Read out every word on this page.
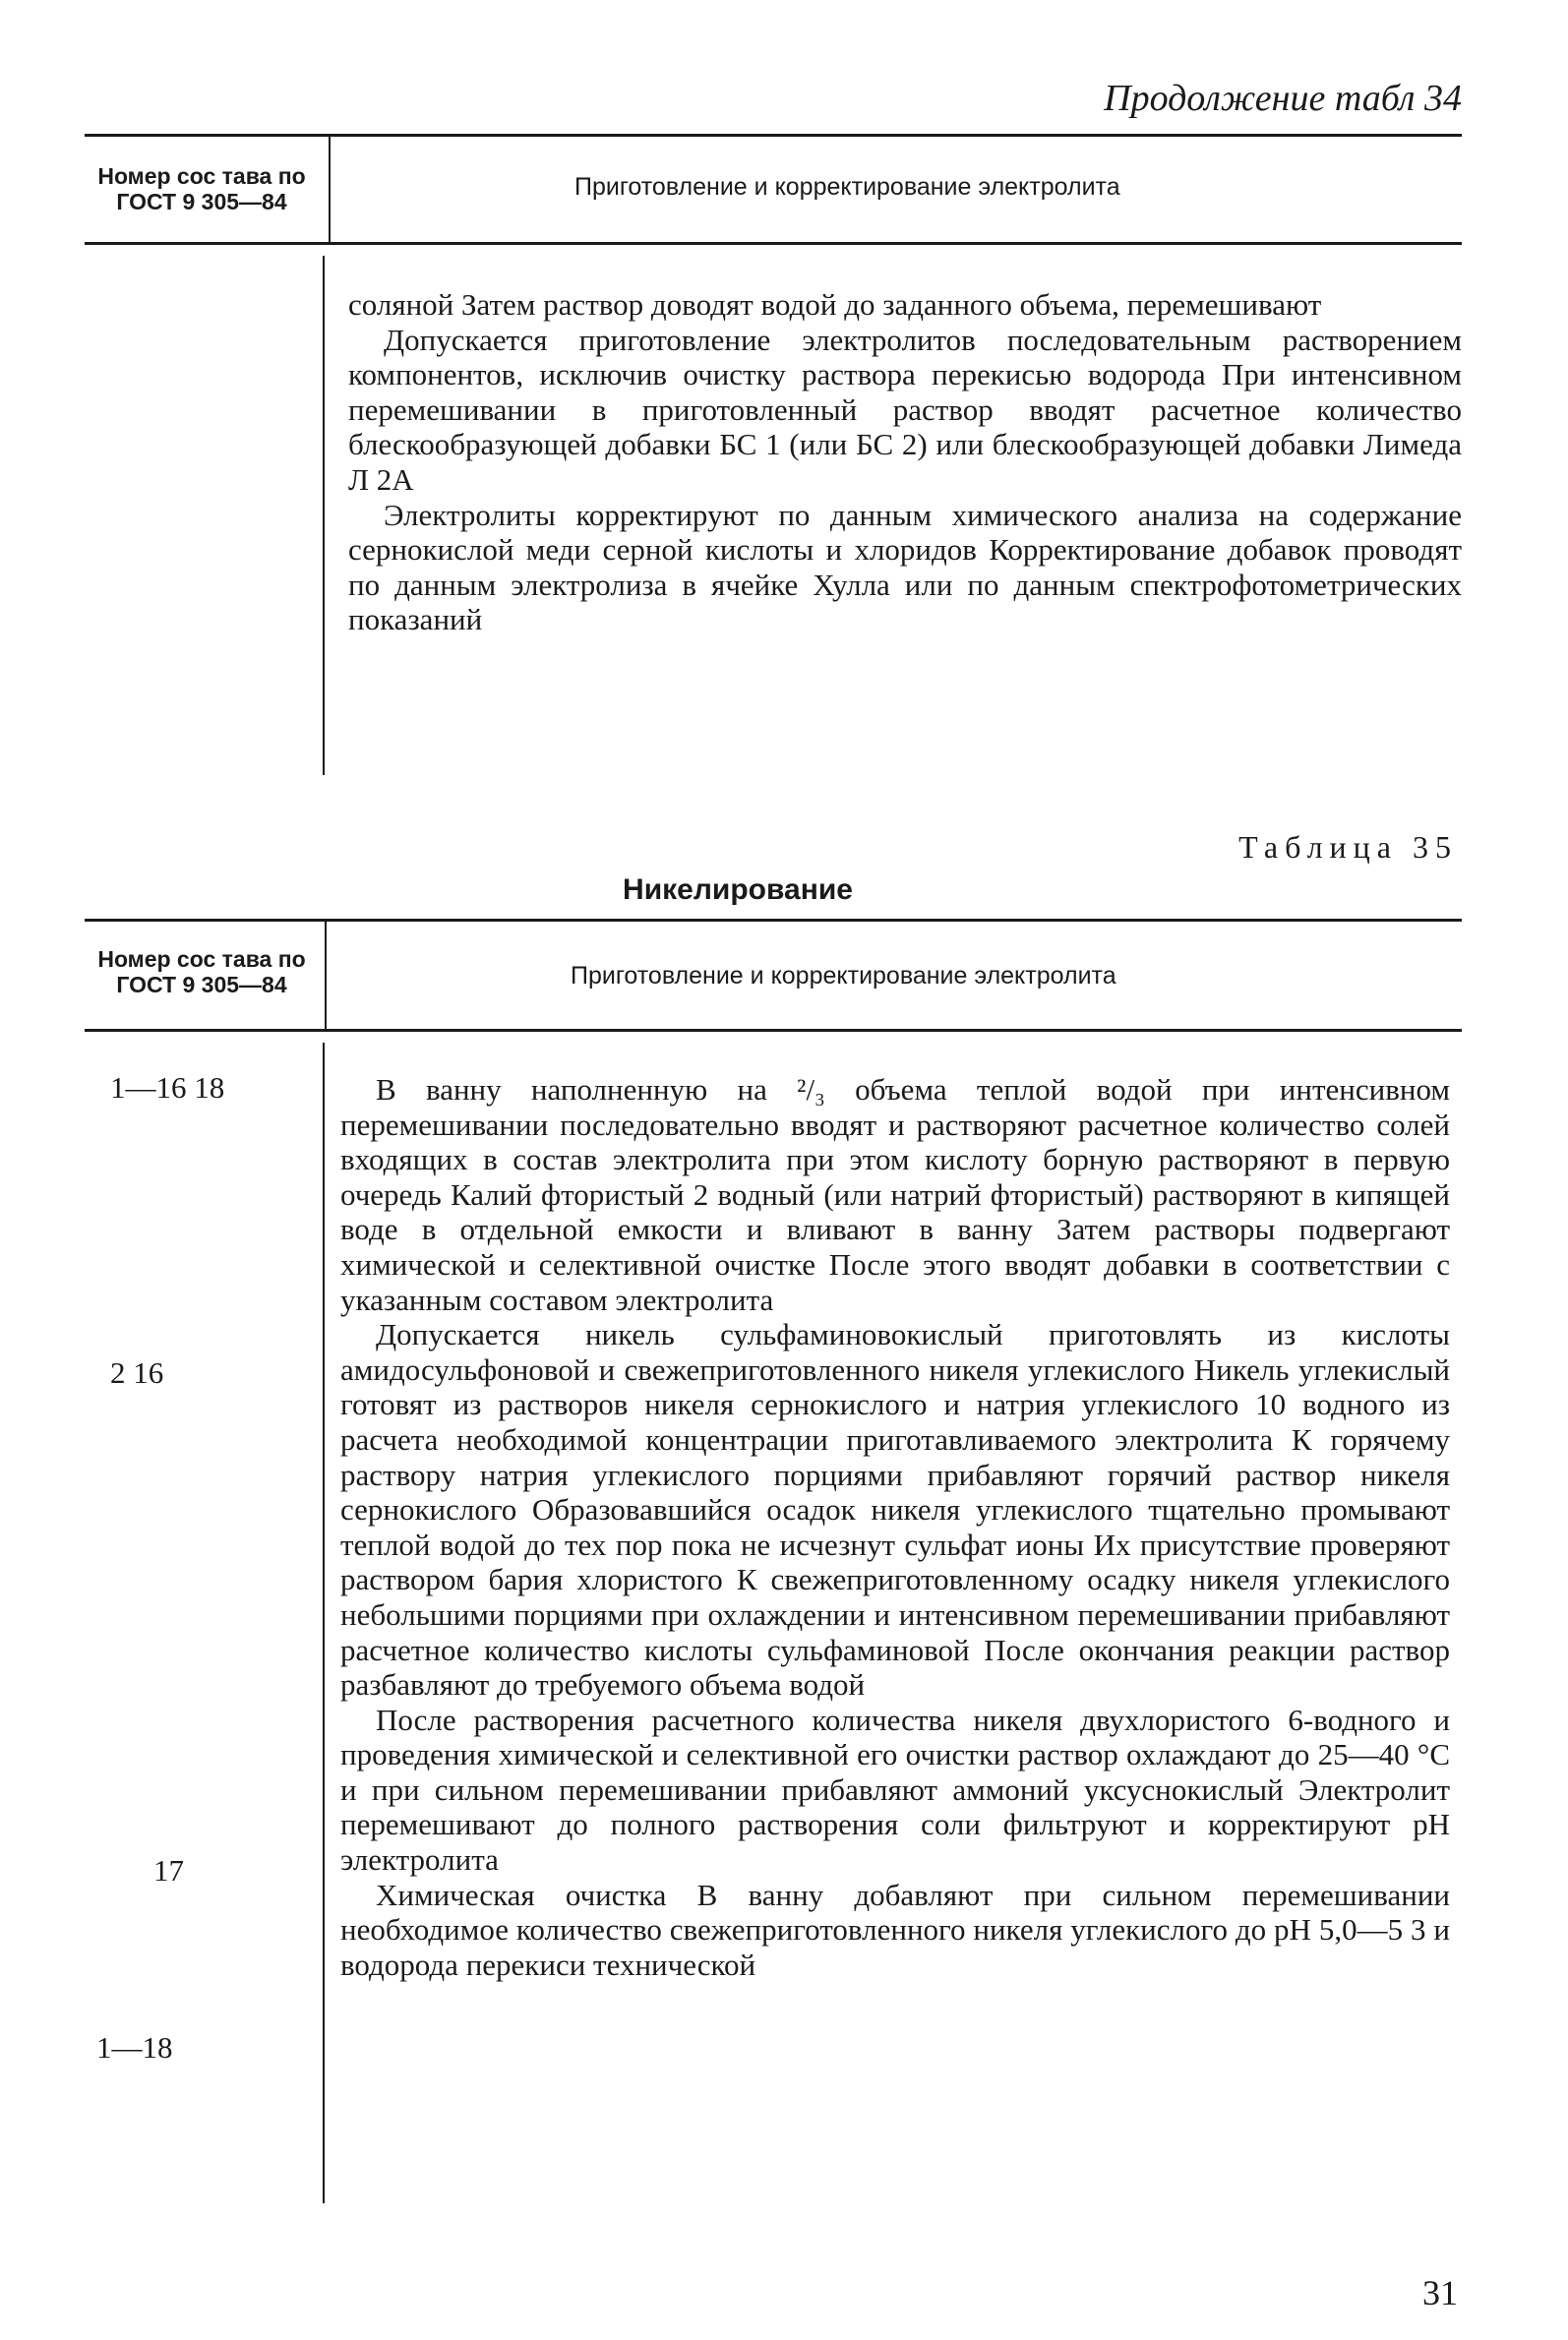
Продолжение табл 34
Номер сос тава по ГОСТ 9 305—84
Приготовление и корректирование электролита

соляной Затем раствор доводят водой до заданного объема, перемешивают

Допускается приготовление электролитов последовательным растворением компонентов, исключив очистку раствора перекисью водорода При интенсивном перемешивании в приготовленный раствор вводят расчетное количество блескообразующей добавки БС 1 (или БС 2) или блескообразующей добавки Лимеда Л 2А

Электролиты корректируют по данным химического анализа на содержание сернокислой меди серной кислоты и хлоридов Корректирование добавок проводят по данным электролиза в ячейке Хулла или по данным спектрофотометрических показаний

Таблица 35
Никелирование
Номер сос тава по ГОСТ 9 305—84	Приготовление и корректирование электролита
1—16 18
2 16
17
1—18

В ванну наполненную на ²/₃ объема теплой водой при интенсивном перемешивании последовательно вводят и растворяют расчетное количество солей входящих в состав электролита при этом кислоту борную растворяют в первую очередь Калий фтористый 2 водный (или натрий фтористый) растворяют в кипящей воде в отдельной емкости и вливают в ванну Затем растворы подвергают химической и селективной очистке После этого вводят добавки в соответствии с указанным составом электролита

Допускается никель сульфаминовокислый приготовлять из кислоты амидосульфоновой и свежеприготовленного никеля углекислого Никель углекислый готовят из растворов никеля сернокислого и натрия углекислого 10 водного из расчета необходимой концентрации приготавливаемого электролита К горячему раствору натрия углекислого порциями прибавляют горячий раствор никеля сернокислого Образовавшийся осадок никеля углекислого тщательно промывают теплой водой до тех пор пока не исчезнут сульфат ионы Их присутствие проверяют раствором бария хлористого К свежеприготовленному осадку никеля углекислого небольшими порциями при охлаждении и интенсивном перемешивании прибавляют расчетное количество кислоты сульфаминовой После окончания реакции раствор разбавляют до требуемого объема водой

После растворения расчетного количества никеля двухлористого 6-водного и проведения химической и селективной его очистки раствор охлаждают до 25—40 °С и при сильном перемешивании прибавляют аммоний уксуснокислый Электролит перемешивают до полного растворения соли фильтруют и корректируют pH электролита

Химическая очистка В ванну добавляют при сильном перемешивании необходимое количество свежеприготовленного никеля углекислого до pH 5,0—5 3 и водорода перекиси технической

31
